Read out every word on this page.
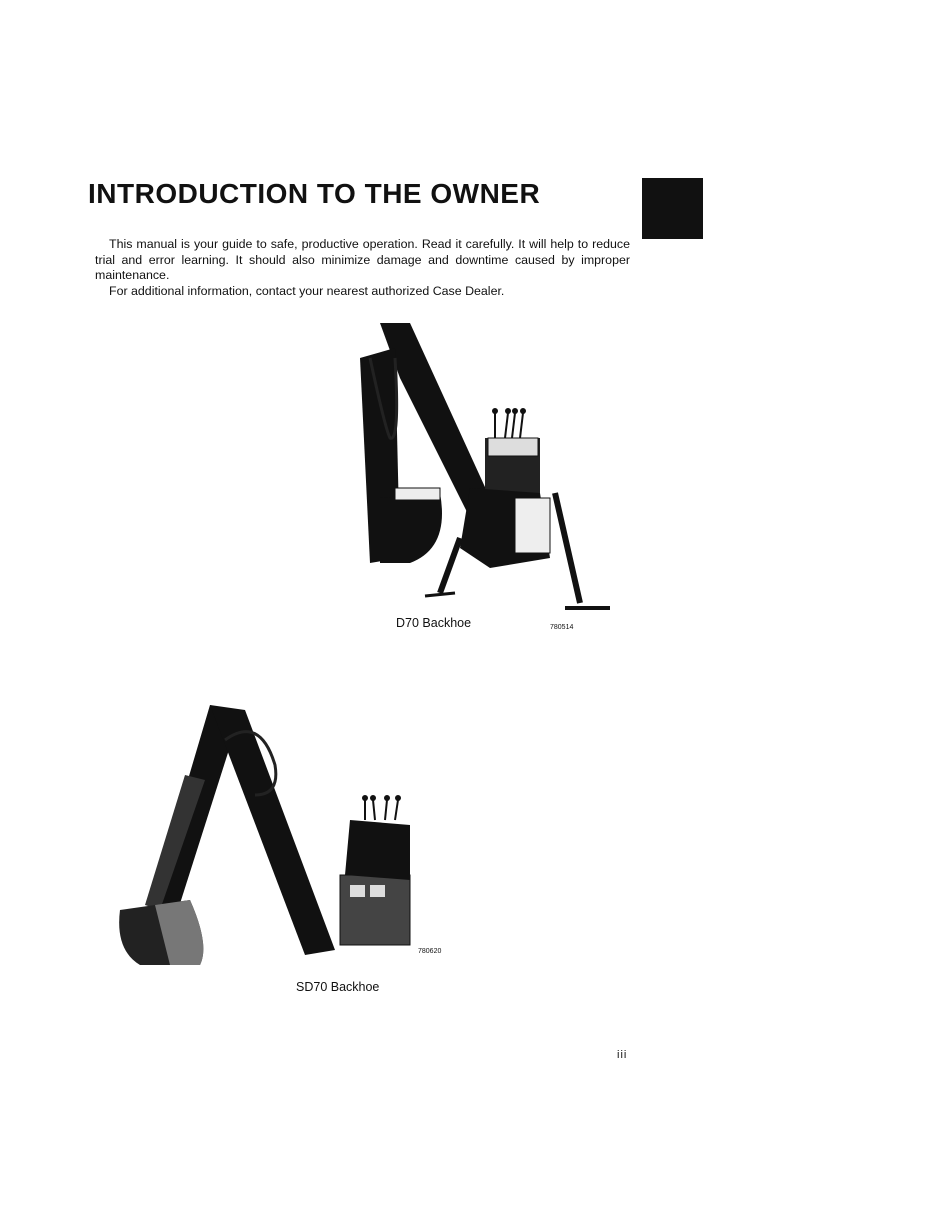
INTRODUCTION TO THE OWNER

This manual is your guide to safe, productive operation. Read it carefully. It will help to reduce trial and error learning. It should also minimize damage and downtime caused by improper maintenance.

For additional information, contact your nearest authorized Case Dealer.

D70 Backhoe	780514
780620
SD70 Backhoe
iii
